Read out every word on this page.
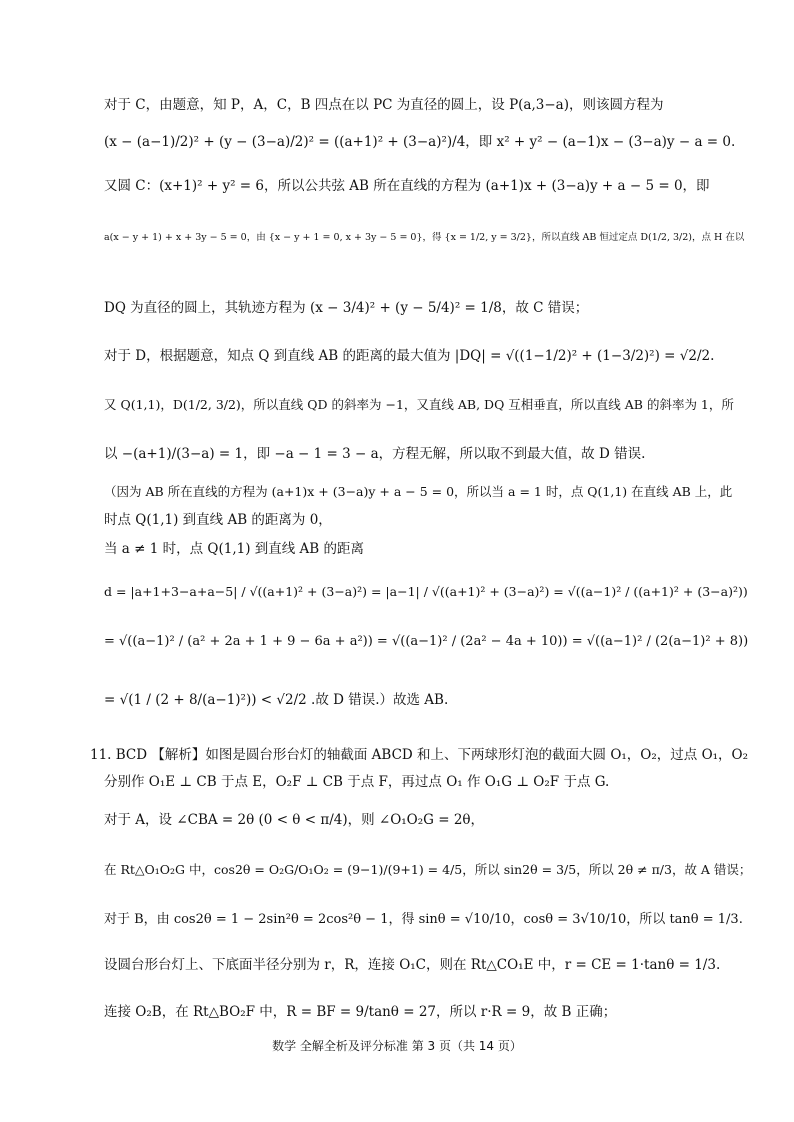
对于 C，由题意，知 P，A，C，B 四点在以 PC 为直径的圆上，设 P(a,3−a)，则该圆方程为
(x − (a−1)/2)² + (y − (3−a)/2)² = ((a+1)² + (3−a)²)/4，即 x² + y² − (a−1)x − (3−a)y − a = 0.
又圆 C：(x+1)² + y² = 6，所以公共弦 AB 所在直线的方程为 (a+1)x + (3−a)y + a − 5 = 0，即
a(x − y + 1) + x + 3y − 5 = 0，由 {x − y + 1 = 0, x + 3y − 5 = 0}，得 {x = 1/2, y = 3/2}，所以直线 AB 恒过定点 D(1/2, 3/2)，点 H 在以
DQ 为直径的圆上，其轨迹方程为 (x − 3/4)² + (y − 5/4)² = 1/8，故 C 错误；
对于 D，根据题意，知点 Q 到直线 AB 的距离的最大值为 |DQ| = √((1−1/2)² + (1−3/2)²) = √2/2.
又 Q(1,1)，D(1/2, 3/2)，所以直线 QD 的斜率为 −1，又直线 AB, DQ 互相垂直，所以直线 AB 的斜率为 1，所
以 −(a+1)/(3−a) = 1，即 −a − 1 = 3 − a，方程无解，所以取不到最大值，故 D 错误.
（因为 AB 所在直线的方程为 (a+1)x + (3−a)y + a − 5 = 0，所以当 a = 1 时，点 Q(1,1) 在直线 AB 上，此
时点 Q(1,1) 到直线 AB 的距离为 0，
当 a ≠ 1 时，点 Q(1,1) 到直线 AB 的距离
d = |a+1+3−a+a−5| / √((a+1)² + (3−a)²) = |a−1| / √((a+1)² + (3−a)²) = √((a−1)² / ((a+1)² + (3−a)²))
= √((a−1)² / (a² + 2a + 1 + 9 − 6a + a²)) = √((a−1)² / (2a² − 4a + 10)) = √((a−1)² / (2(a−1)² + 8))
= √(1 / (2 + 8/(a−1)²)) < √2/2 .故 D 错误.）故选 AB.
11. BCD 【解析】如图是圆台形台灯的轴截面 ABCD 和上、下两球形灯泡的截面大圆 O₁，O₂，过点 O₁，O₂
分别作 O₁E ⊥ CB 于点 E，O₂F ⊥ CB 于点 F，再过点 O₁ 作 O₁G ⊥ O₂F 于点 G.
对于 A，设 ∠CBA = 2θ (0 < θ < π/4)，则 ∠O₁O₂G = 2θ，
在 Rt△O₁O₂G 中，cos2θ = O₂G/O₁O₂ = (9−1)/(9+1) = 4/5，所以 sin2θ = 3/5，所以 2θ ≠ π/3，故 A 错误；
对于 B，由 cos2θ = 1 − 2sin²θ = 2cos²θ − 1，得 sinθ = √10/10，cosθ = 3√10/10，所以 tanθ = 1/3.
设圆台形台灯上、下底面半径分别为 r，R，连接 O₁C，则在 Rt△CO₁E 中，r = CE = 1·tanθ = 1/3.
连接 O₂B，在 Rt△BO₂F 中，R = BF = 9/tanθ = 27，所以 r·R = 9，故 B 正确；
数学 全解全析及评分标准 第 3 页（共 14 页）
